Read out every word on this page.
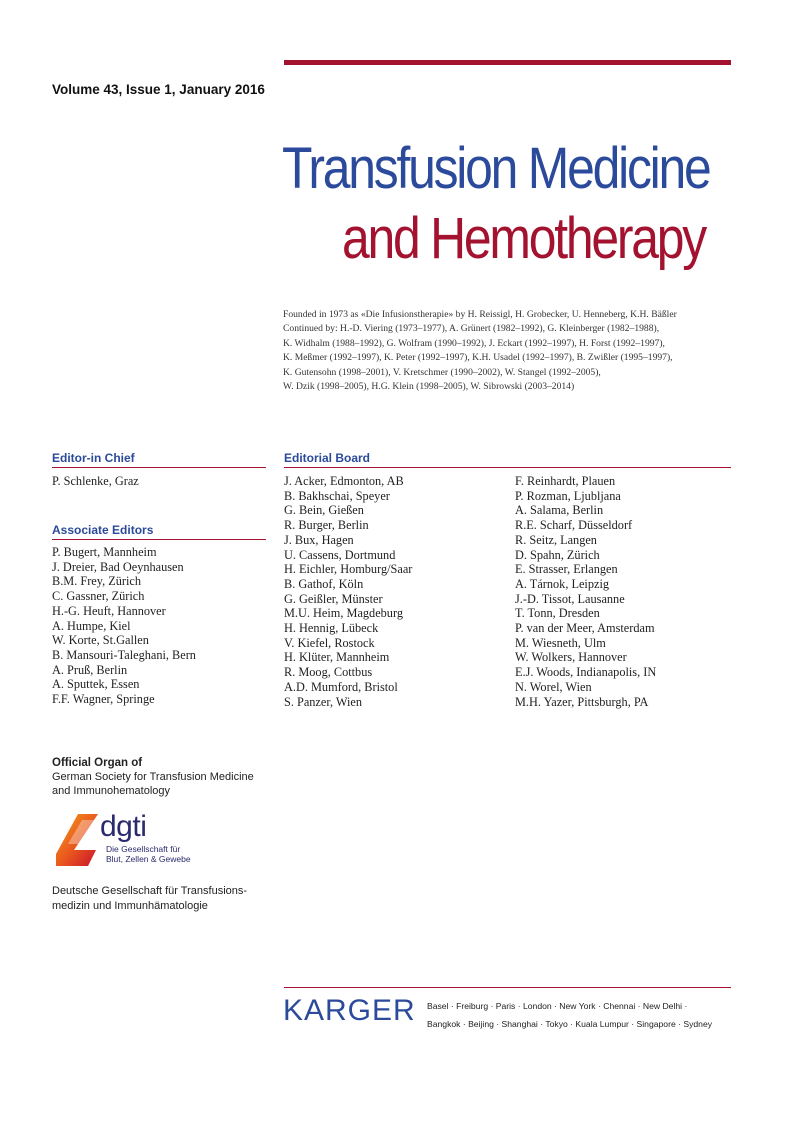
Volume 43, Issue 1, January 2016
Transfusion Medicine
and Hemotherapy
Founded in 1973 as «Die Infusionstherapie» by H. Reissigl, H. Grobecker, U. Henneberg, K.H. Bäßler
Continued by: H.-D. Viering (1973–1977), A. Grünert (1982–1992), G. Kleinberger (1982–1988),
K. Widhalm (1988–1992), G. Wolfram (1990–1992), J. Eckart (1992–1997), H. Forst (1992–1997),
K. Meßmer (1992–1997), K. Peter (1992–1997), K.H. Usadel (1992–1997), B. Zwißler (1995–1997),
K. Gutensohn (1998–2001), V. Kretschmer (1990–2002), W. Stangel (1992–2005),
W. Dzik (1998–2005), H.G. Klein (1998–2005), W. Sibrowski (2003–2014)
Editor-in Chief
P. Schlenke, Graz
Associate Editors
P. Bugert, Mannheim
J. Dreier, Bad Oeynhausen
B.M. Frey, Zürich
C. Gassner, Zürich
H.-G. Heuft, Hannover
A. Humpe, Kiel
W. Korte, St.Gallen
B. Mansouri-Taleghani, Bern
A. Pruß, Berlin
A. Sputtek, Essen
F.F. Wagner, Springe
Editorial Board
J. Acker, Edmonton, AB
B. Bakhschai, Speyer
G. Bein, Gießen
R. Burger, Berlin
J. Bux, Hagen
U. Cassens, Dortmund
H. Eichler, Homburg/Saar
B. Gathof, Köln
G. Geißler, Münster
M.U. Heim, Magdeburg
H. Hennig, Lübeck
V. Kiefel, Rostock
H. Klüter, Mannheim
R. Moog, Cottbus
A.D. Mumford, Bristol
S. Panzer, Wien
F. Reinhardt, Plauen
P. Rozman, Ljubljana
A. Salama, Berlin
R.E. Scharf, Düsseldorf
R. Seitz, Langen
D. Spahn, Zürich
E. Strasser, Erlangen
A. Tárnok, Leipzig
J.-D. Tissot, Lausanne
T. Tonn, Dresden
P. van der Meer, Amsterdam
M. Wiesneth, Ulm
W. Wolkers, Hannover
E.J. Woods, Indianapolis, IN
N. Worel, Wien
M.H. Yazer, Pittsburgh, PA
Official Organ of
German Society for Transfusion Medicine
and Immunohematology
dgti
Die Gesellschaft für
Blut, Zellen & Gewebe
Deutsche Gesellschaft für Transfusions-
medizin und Immunhämatologie
KARGER Basel · Freiburg · Paris · London · New York · Chennai · New Delhi ·
Bangkok · Beijing · Shanghai · Tokyo · Kuala Lumpur · Singapore · Sydney
